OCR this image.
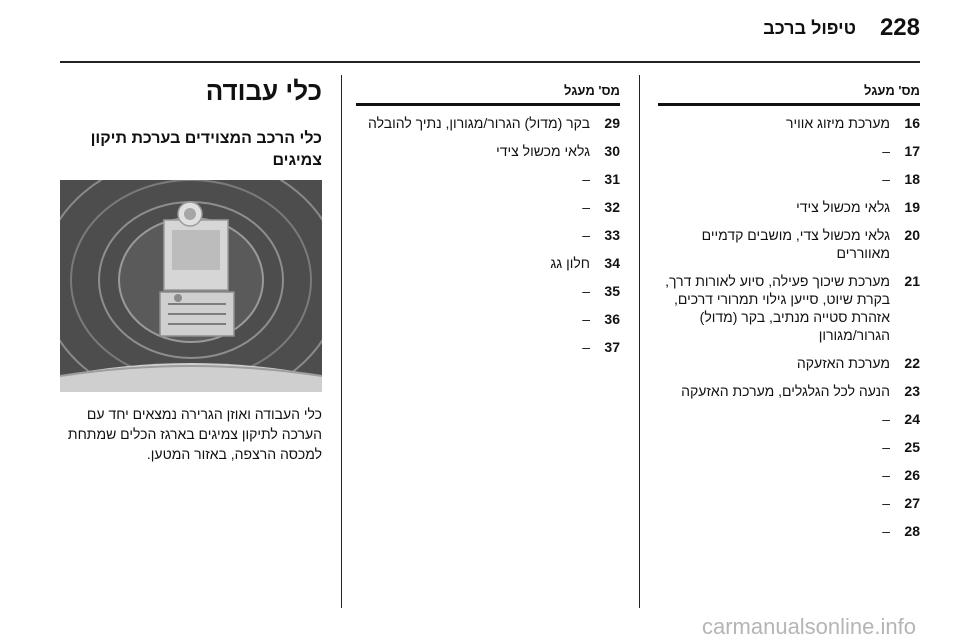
228
טיפול ברכב
מס' מעגל
16
מערכת מיזוג אוויר
17
–
18
–
19
גלאי מכשול צידי
20
גלאי מכשול צדי, מושבים קדמיים מאווררים
21
מערכת שיכוך פעילה, סיוע לאורות דרך, בקרת שיוט, סייען גילוי תמרורי דרכים, אזהרת סטייה מנתיב, בקר (מדול) הגרור/מגורון
22
מערכת האזעקה
23
הנעה לכל הגלגלים, מערכת האזעקה
24
–
25
–
26
–
27
–
28
–
מס' מעגל
29
בקר (מדול) הגרור/מגורון, נתיך להובלה
30
גלאי מכשול צידי
31
–
32
–
33
–
34
חלון גג
35
–
36
–
37
–
כלי עבודה
כלי הרכב המצוידים בערכת תיקון צמיגים
כלי העבודה ואוזן הגרירה נמצאים יחד עם הערכה לתיקון צמיגים בארגז הכלים שמתחת למכסה הרצפה, באזור המטען.
carmanualsonline.info
